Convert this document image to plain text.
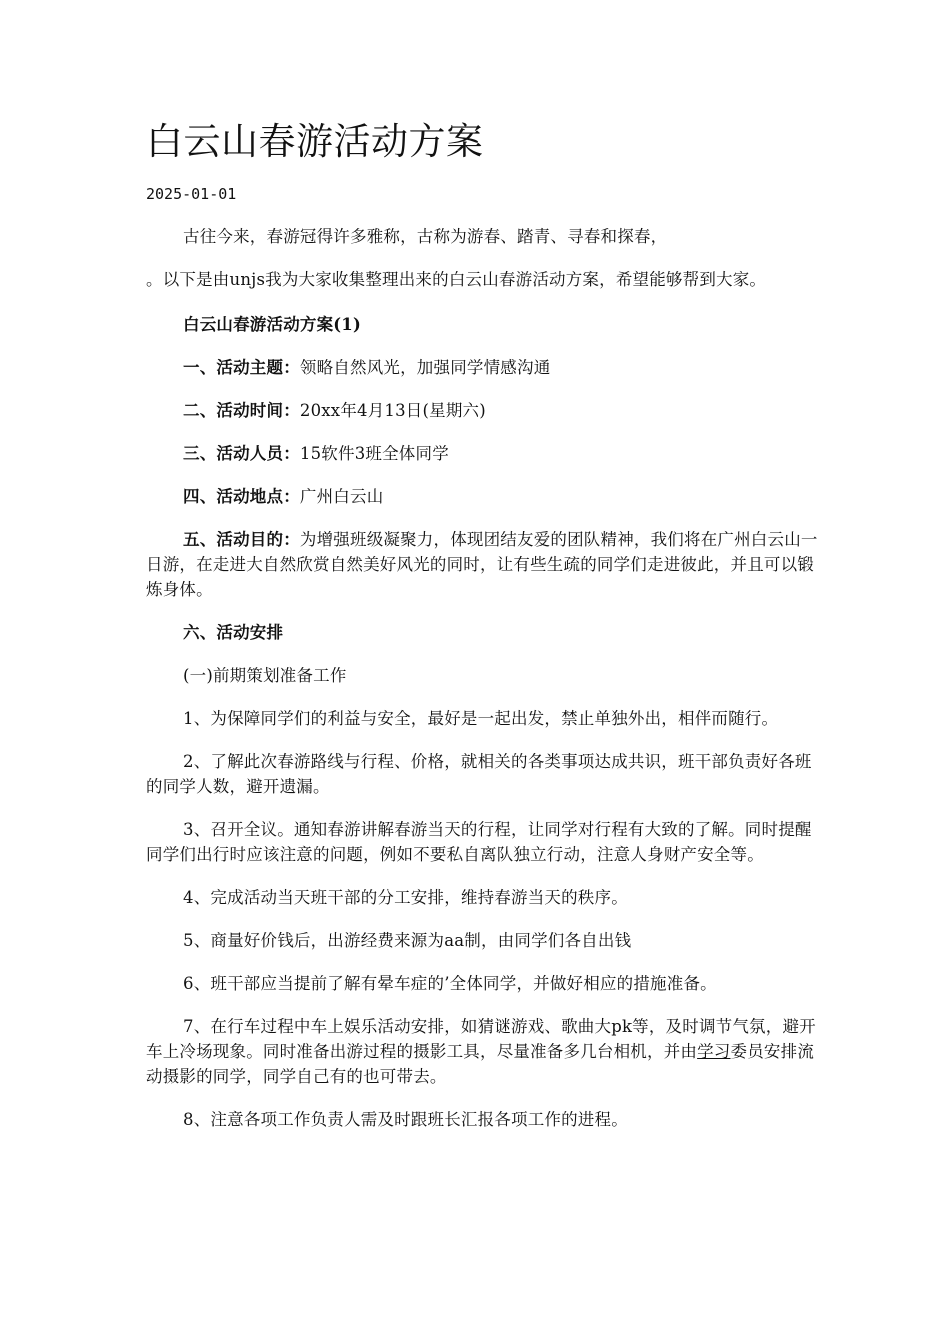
白云山春游活动方案
2025-01-01

古往今来，春游冠得许多雅称，古称为游春、踏青、寻春和探春，

。以下是由unjs我为大家收集整理出来的白云山春游活动方案，希望能够帮到大家。

白云山春游活动方案(1)

一、活动主题：领略自然风光，加强同学情感沟通

二、活动时间：20xx年4月13日(星期六)

三、活动人员：15软件3班全体同学

四、活动地点：广州白云山

五、活动目的：为增强班级凝聚力，体现团结友爱的团队精神，我们将在广州白云山一日游，在走进大自然欣赏自然美好风光的同时，让有些生疏的同学们走进彼此，并且可以锻炼身体。

六、活动安排

(一)前期策划准备工作

1、为保障同学们的利益与安全，最好是一起出发，禁止单独外出，相伴而随行。

2、了解此次春游路线与行程、价格，就相关的各类事项达成共识，班干部负责好各班的同学人数，避开遗漏。

3、召开全议。通知春游讲解春游当天的行程，让同学对行程有大致的了解。同时提醒同学们出行时应该注意的问题，例如不要私自离队独立行动，注意人身财产安全等。

4、完成活动当天班干部的分工安排，维持春游当天的秩序。

5、商量好价钱后，出游经费来源为aa制，由同学们各自出钱

6、班干部应当提前了解有晕车症的’全体同学，并做好相应的措施准备。

7、在行车过程中车上娱乐活动安排，如猜谜游戏、歌曲大pk等，及时调节气氛，避开车上冷场现象。同时准备出游过程的摄影工具，尽量准备多几台相机，并由学习委员安排流动摄影的同学，同学自己有的也可带去。

8、注意各项工作负责人需及时跟班长汇报各项工作的进程。
